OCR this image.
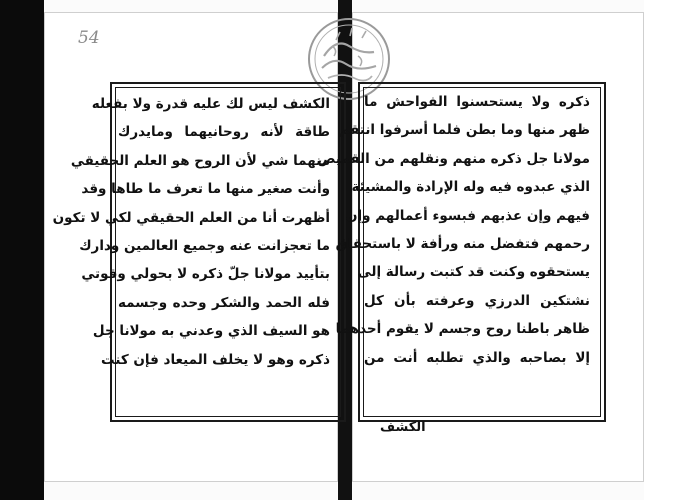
54
الكشف ليس لك عليه قدرة ولا بفعله
طاقة لأنه روحانيهما ومايدرك
منهما شي لأن الروح هو العلم الحقيقي
وأنت صغير منها ما تعرف ما طاها وقد
أظهرت أنا من العلم الحقيقي لكي لا تكون
ما تعجزانت عنه وجميع العالمين ودارك
بتأييد مولانا جلّ ذكره لا بحولي وقوتي
فله الحمد والشكر وحده وجسمه
هو السيف الذي وعدني به مولانا جل
ذكره وهو لا يخلف الميعاد فإن كنت
ذكره ولا يستحسنوا الفواحش ما
ظهر منها وما بطن فلما أسرفوا انتقم
مولانا جل ذكره منهم ونقلهم من القميص
الذي عبدوه فيه وله الإرادة والمشيئة
فيهم وإن عذبهم فبسوء أعمالهم وإن
رحمهم فتفضل منه ورأفة لا باستحقاق
يستحقوه وكنت قد كتبت رسالة إلى
نشتكين الدرزي وعرفته بأن كل
ظاهر باطنا روح وجسم لا يقوم أحدهما
إلا بصاحبه والذي تطلبه أنت من
الكشف
